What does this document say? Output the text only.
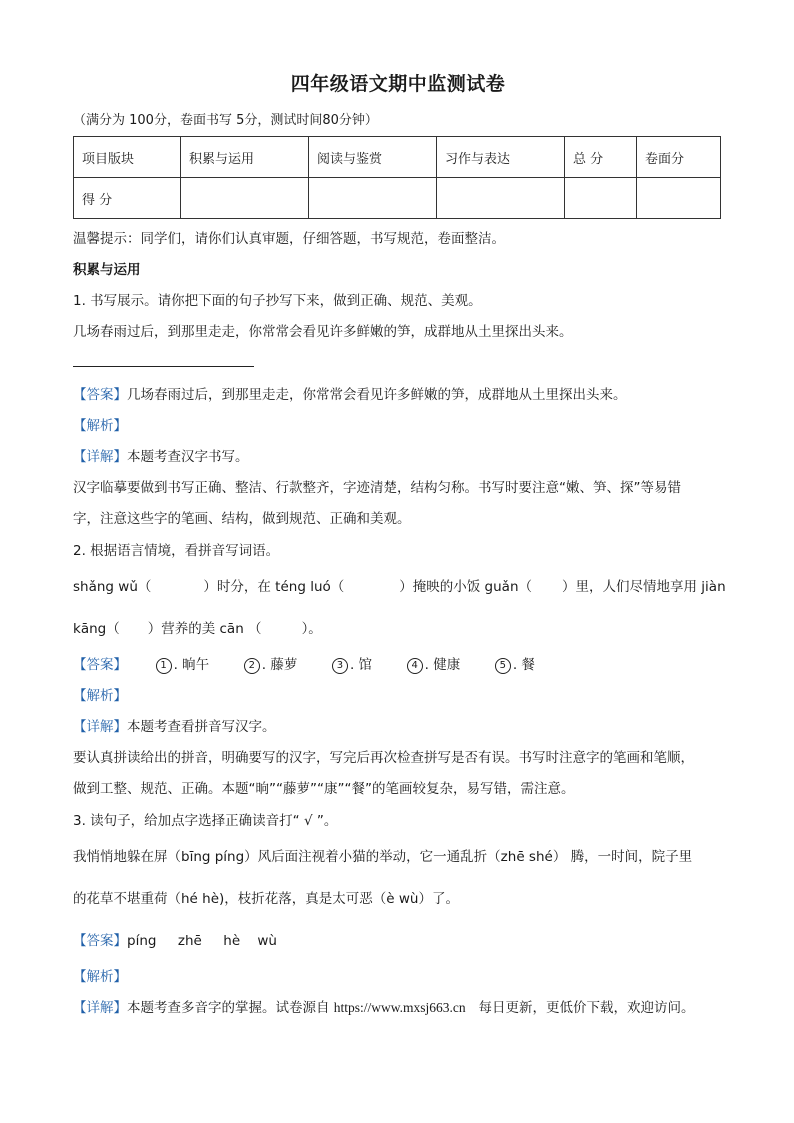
四年级语文期中监测试卷
（满分为 100分，卷面书写 5分，测试时间80分钟）
项目版块	积累与运用	阅读与鉴赏	习作与表达	总 分	卷面分
得 分					
温馨提示：同学们，请你们认真审题，仔细答题，书写规范，卷面整洁。
积累与运用
1. 书写展示。请你把下面的句子抄写下来，做到正确、规范、美观。
几场春雨过后，到那里走走，你常常会看见许多鲜嫩的笋，成群地从土里探出头来。
【答案】几场春雨过后，到那里走走，你常常会看见许多鲜嫩的笋，成群地从土里探出头来。
【解析】
【详解】本题考查汉字书写。
汉字临摹要做到书写正确、整洁、行款整齐，字迹清楚，结构匀称。书写时要注意“嫩、笋、探”等易错
字，注意这些字的笔画、结构，做到规范、正确和美观。
2. 根据语言情境，看拼音写词语。
shǎng wǔ（	）时分，在 téng luó（	）掩映的小饭 guǎn（ ）里，人们尽情地享用 jiàn
kāng（ ）营养的美 cān （	）。
【答案】	1 . 晌午	2 . 藤萝	3 . 馆	4 . 健康	5 . 餐
【解析】
【详解】本题考查看拼音写汉字。
要认真拼读给出的拼音，明确要写的汉字，写完后再次检查拼写是否有误。书写时注意字的笔画和笔顺，
做到工整、规范、正确。本题“晌”“藤萝”“康”“餐”的笔画较复杂，易写错，需注意。
3. 读句子，给加点字选择正确读音打“ √ ”。
我悄悄地躲在屏（bīng píng）风后面注视着小猫的举动，它一通乱折（zhē shé） 腾，一时间，院子里
的花草不堪重荷（hé hè)，枝折花落，真是太可恶（è wù）了。
【答案】píng     zhē     hè    wù
【解析】
【详解】本题考查多音字的掌握。试卷源自 https://www.mxsj663.cn   每日更新，更低价下载，欢迎访问。
